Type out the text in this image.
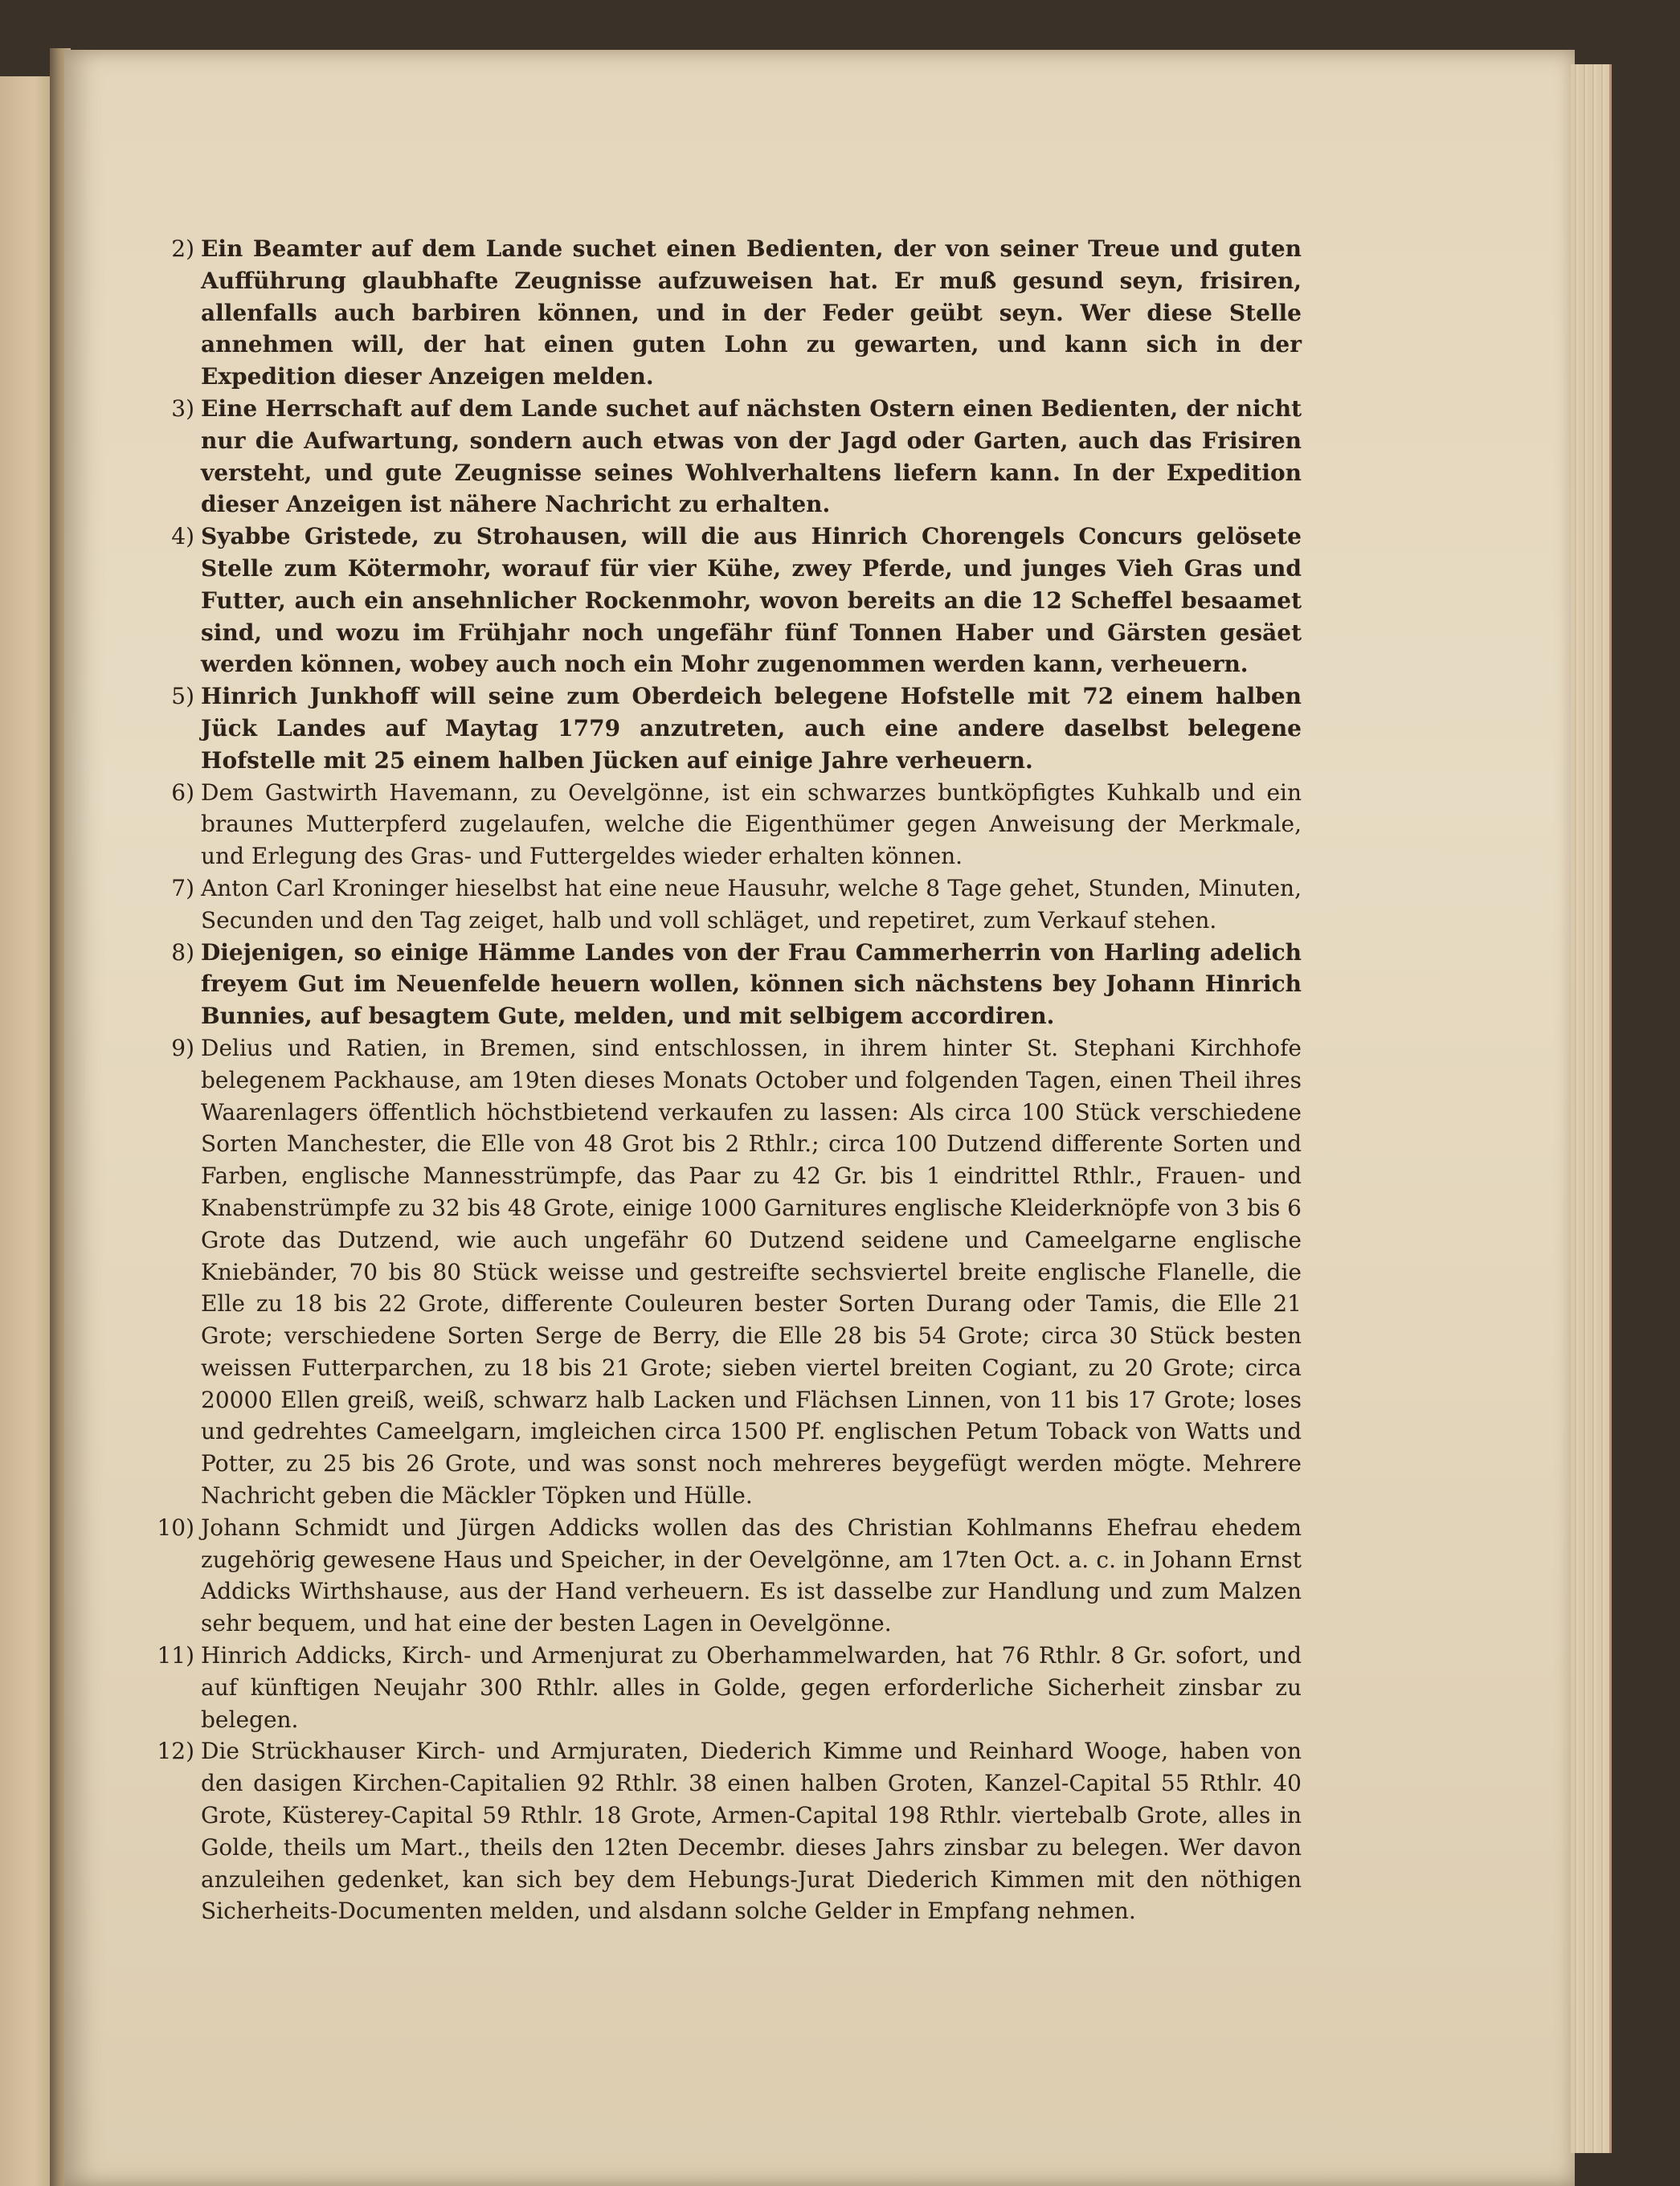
2) Ein Beamter auf dem Lande suchet einen Bedienten, der von seiner Treue und guten Aufführung glaubhafte Zeugnisse aufzuweisen hat. Er muß gesund seyn, frisiren, allenfalls auch barbiren können, und in der Feder geübt seyn. Wer diese Stelle annehmen will, der hat einen guten Lohn zu gewarten, und kann sich in der Expedition dieser Anzeigen melden.

3) Eine Herrschaft auf dem Lande suchet auf nächsten Ostern einen Bedienten, der nicht nur die Aufwartung, sondern auch etwas von der Jagd oder Garten, auch das Frisiren versteht, und gute Zeugnisse seines Wohlverhaltens liefern kann. In der Expedition dieser Anzeigen ist nähere Nachricht zu erhalten.

4) Syabbe Gristede, zu Strohausen, will die aus Hinrich Chorengels Concurs gelösete Stelle zum Kötermohr, worauf für vier Kühe, zwey Pferde, und junges Vieh Gras und Futter, auch ein ansehnlicher Rockenmohr, wovon bereits an die 12 Scheffel besaamet sind, und wozu im Frühjahr noch ungefähr fünf Tonnen Haber und Gärsten gesäet werden können, wobey auch noch ein Mohr zugenommen werden kann, verheuern.

5) Hinrich Junkhoff will seine zum Oberdeich belegene Hofstelle mit 72 einem halben Jück Landes auf Maytag 1779 anzutreten, auch eine andere daselbst belegene Hofstelle mit 25 einem halben Jücken auf einige Jahre verheuern.

6) Dem Gastwirth Havemann, zu Oevelgönne, ist ein schwarzes buntköpfigtes Kuhkalb und ein braunes Mutterpferd zugelaufen, welche die Eigenthümer gegen Anweisung der Merkmale, und Erlegung des Gras- und Futtergeldes wieder erhalten können.

7) Anton Carl Kroninger hieselbst hat eine neue Hausuhr, welche 8 Tage gehet, Stunden, Minuten, Secunden und den Tag zeiget, halb und voll schläget, und repetiret, zum Verkauf stehen.

8) Diejenigen, so einige Hämme Landes von der Frau Cammerherrin von Harling adelich freyem Gut im Neuenfelde heuern wollen, können sich nächstens bey Johann Hinrich Bunnies, auf besagtem Gute, melden, und mit selbigem accordiren.

9) Delius und Ratien, in Bremen, sind entschlossen, in ihrem hinter St. Stephani Kirchhofe belegenem Packhause, am 19ten dieses Monats October und folgenden Tagen, einen Theil ihres Waarenlagers öffentlich höchstbietend verkaufen zu lassen: Als circa 100 Stück verschiedene Sorten Manchester, die Elle von 48 Grot bis 2 Rthlr.; circa 100 Dutzend differente Sorten und Farben, englische Mannesstrümpfe, das Paar zu 42 Gr. bis 1 eindrittel Rthlr., Frauen- und Knabenstrümpfe zu 32 bis 48 Grote, einige 1000 Garnitures englische Kleiderknöpfe von 3 bis 6 Grote das Dutzend, wie auch ungefähr 60 Dutzend seidene und Cameelgarne englische Kniebänder, 70 bis 80 Stück weisse und gestreifte sechsviertel breite englische Flanelle, die Elle zu 18 bis 22 Grote, differente Couleuren bester Sorten Durang oder Tamis, die Elle 21 Grote; verschiedene Sorten Serge de Berry, die Elle 28 bis 54 Grote; circa 30 Stück besten weissen Futterparchen, zu 18 bis 21 Grote; sieben viertel breiten Cogiant, zu 20 Grote; circa 20000 Ellen greiß, weiß, schwarz halb Lacken und Flächsen Linnen, von 11 bis 17 Grote; loses und gedrehtes Cameelgarn, imgleichen circa 1500 Pf. englischen Petum Toback von Watts und Potter, zu 25 bis 26 Grote, und was sonst noch mehreres beygefügt werden mögte. Mehrere Nachricht geben die Mäckler Töpken und Hülle.

10) Johann Schmidt und Jürgen Addicks wollen das des Christian Kohlmanns Ehefrau ehedem zugehörig gewesene Haus und Speicher, in der Oevelgönne, am 17ten Oct. a. c. in Johann Ernst Addicks Wirthshause, aus der Hand verheuern. Es ist dasselbe zur Handlung und zum Malzen sehr bequem, und hat eine der besten Lagen in Oevelgönne.

11) Hinrich Addicks, Kirch- und Armenjurat zu Oberhammelwarden, hat 76 Rthlr. 8 Gr. sofort, und auf künftigen Neujahr 300 Rthlr. alles in Golde, gegen erforderliche Sicherheit zinsbar zu belegen.

12) Die Strückhauser Kirch- und Armjuraten, Diederich Kimme und Reinhard Wooge, haben von den dasigen Kirchen-Capitalien 92 Rthlr. 38 einen halben Groten, Kanzel-Capital 55 Rthlr. 40 Grote, Küsterey-Capital 59 Rthlr. 18 Grote, Armen-Capital 198 Rthlr. viertebalb Grote, alles in Golde, theils um Mart., theils den 12ten Decembr. dieses Jahrs zinsbar zu belegen. Wer davon anzuleihen gedenket, kan sich bey dem Hebungs-Jurat Diederich Kimmen mit den nöthigen Sicherheits-Documenten melden, und alsdann solche Gelder in Empfang nehmen.
